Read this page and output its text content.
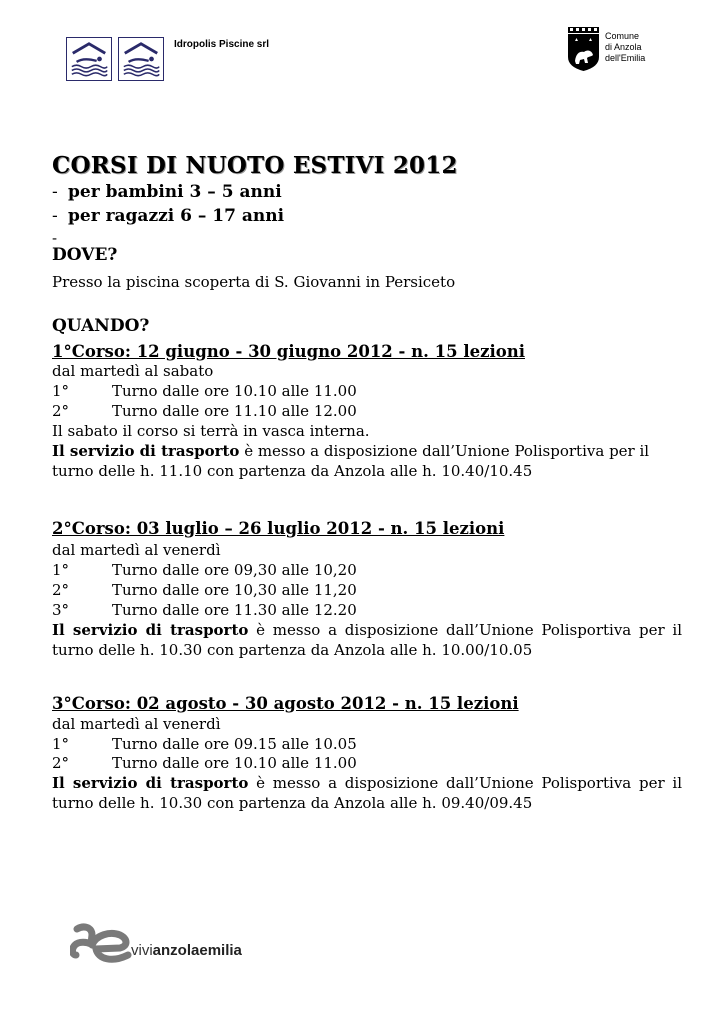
Idropolis Piscine srl
Comune
di Anzola
dell'Emilia
CORSI DI NUOTO ESTIVI 2012
- per bambini 3 – 5 anni
- per ragazzi 6 – 17 anni
-
DOVE?
Presso la piscina scoperta di S. Giovanni in Persiceto
QUANDO?
1°Corso: 12 giugno - 30 giugno 2012 - n. 15 lezioni
dal martedì al sabato
1°	Turno dalle ore 10.10 alle 11.00
2°	Turno dalle ore 11.10 alle 12.00
Il sabato il corso si terrà in vasca interna.
Il servizio di trasporto è messo a disposizione dall’Unione Polisportiva per il turno delle h. 11.10 con partenza da Anzola alle h. 10.40/10.45
2°Corso: 03 luglio – 26 luglio 2012 - n. 15 lezioni
dal martedì al venerdì
1°	Turno dalle ore 09,30 alle 10,20
2°	Turno dalle ore 10,30 alle 11,20
3°	Turno dalle ore 11.30 alle 12.20
Il servizio di trasporto è messo a disposizione dall’Unione Polisportiva per il turno delle h. 10.30 con partenza da Anzola alle h. 10.00/10.05
3°Corso: 02 agosto - 30 agosto 2012 - n. 15 lezioni
dal martedì al venerdì
1°	Turno dalle ore 09.15 alle 10.05
2°	Turno dalle ore 10.10 alle 11.00
Il servizio di trasporto è messo a disposizione dall’Unione Polisportiva per il turno delle h. 10.30 con partenza da Anzola alle h. 09.40/09.45
vivianzolaemilia
